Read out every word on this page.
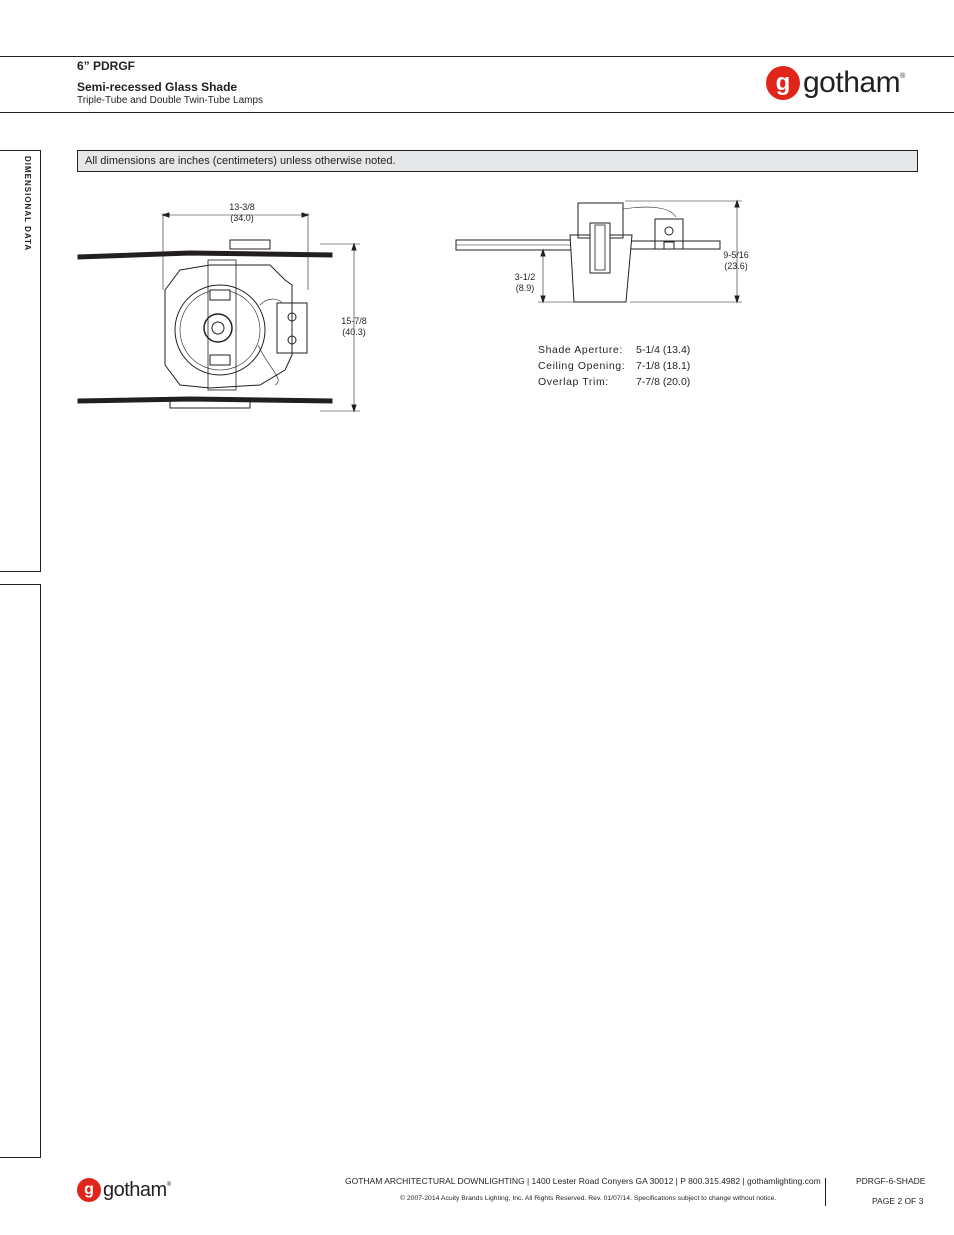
6” PDRGF
Semi-recessed Glass Shade
Triple-Tube and Double Twin-Tube Lamps
g gotham®
DIMENSIONAL DATA	All dimensions are inches (centimeters) unless otherwise noted.
13-3/8
(34.0)
15-7/8
(40.3)
3-1/2
(8.9)
9-5/16
(23.6)
Shade Aperture:	5-1/4 (13.4)
Ceiling Opening:	7-1/8 (18.1)
Overlap Trim:	7-7/8 (20.0)
g gotham®	GOTHAM ARCHITECTURAL DOWNLIGHTING | 1400 Lester Road Conyers GA 30012 | P 800.315.4982 | gothamlighting.com
© 2007-2014 Acuity Brands Lighting, Inc. All Rights Reserved. Rev. 01/07/14. Specifications subject to change without notice.
PDRGF-6-SHADE
PAGE 2 OF 3
